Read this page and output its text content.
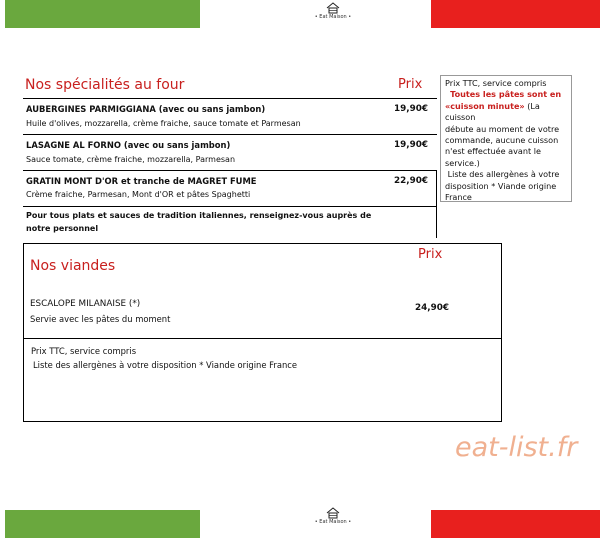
• Eat Maison •
• Eat Maison •
Nos spécialités au four	Prix
AUBERGINES PARMIGGIANA (avec ou sans jambon)
Huile d'olives, mozzarella, crème fraiche, sauce tomate et Parmesan
19,90€
LASAGNE AL FORNO (avec ou sans jambon)
Sauce tomate, crème fraiche, mozzarella, Parmesan
19,90€
GRATIN MONT D'OR et tranche de MAGRET FUME
Crème fraiche, Parmesan, Mont d'OR et pâtes Spaghetti
22,90€
Pour tous plats et sauces de tradition italiennes, renseignez-vous auprès de
notre personnel
Prix TTC, service compris
Toutes les pâtes sont en
«cuisson minute» (La cuisson
débute au moment de votre
commande, aucune cuisson
n'est effectuée avant le
service.)
Liste des allergènes à votre
disposition * Viande origine
France
Nos viandes
Prix
ESCALOPE MILANAISE (*)
Servie avec les pâtes du moment
24,90€
Prix TTC, service compris
Liste des allergènes à votre disposition * Viande origine France
eat-list.fr
